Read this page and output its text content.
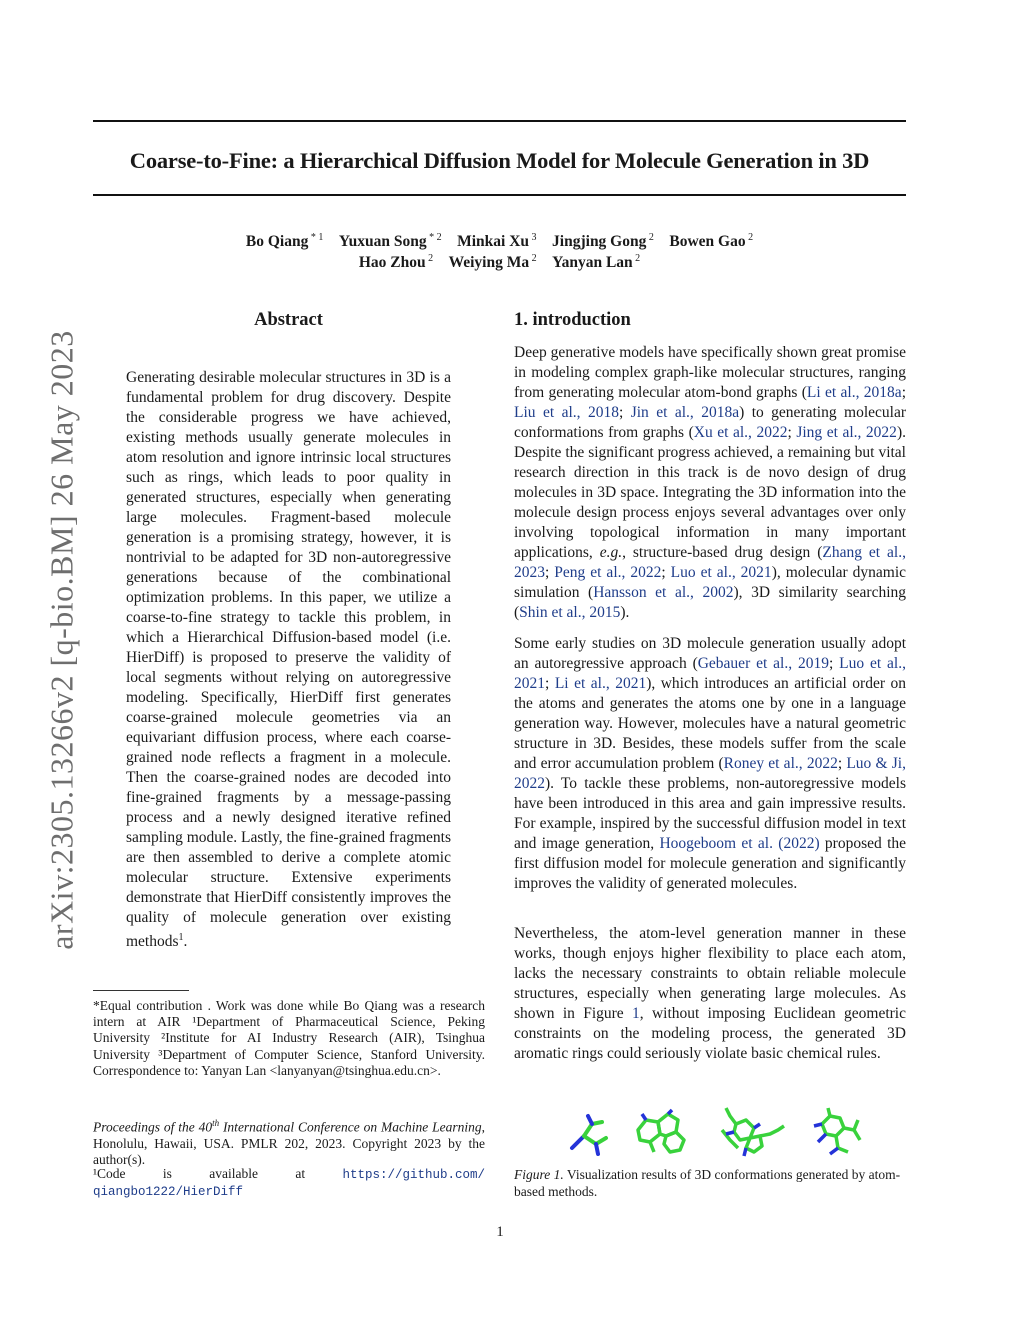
arXiv:2305.13266v2 [q-bio.BM] 26 May 2023
Coarse-to-Fine: a Hierarchical Diffusion Model for Molecule Generation in 3D
Bo Qiang $^{* 1}$  Yuxuan Song $^{* 2}$  Minkai Xu $^3$  Jingjing Gong $^2$  Bowen Gao $^2$
Hao Zhou $^2$  Weiying Ma $^2$  Yanyan Lan $^2$
Abstract
Generating desirable molecular structures in 3D is a fundamental problem for drug discovery. Despite the considerable progress we have achieved, existing methods usually generate molecules in atom resolution and ignore intrinsic local structures such as rings, which leads to poor quality in generated structures, especially when generating large molecules. Fragment-based molecule generation is a promising strategy, however, it is nontrivial to be adapted for 3D non-autoregressive generations because of the combinational optimization problems. In this paper, we utilize a coarse-to-fine strategy to tackle this problem, in which a Hierarchical Diffusion-based model (i.e. HierDiff) is proposed to preserve the validity of local segments without relying on autoregressive modeling. Specifically, HierDiff first generates coarse-grained molecule geometries via an equivariant diffusion process, where each coarse-grained node reflects a fragment in a molecule. Then the coarse-grained nodes are decoded into fine-grained fragments by a message-passing process and a newly designed iterative refined sampling module. Lastly, the fine-grained fragments are then assembled to derive a complete atomic molecular structure. Extensive experiments demonstrate that HierDiff consistently improves the quality of molecule generation over existing methods$^1$.
*Equal contribution . Work was done while Bo Qiang was a research intern at AIR ¹Department of Pharmaceutical Science, Peking University ²Institute for AI Industry Research (AIR), Tsinghua University ³Department of Computer Science, Stanford University. Correspondence to: Yanyan Lan <lanyanyan@tsinghua.edu.cn>.
Proceedings of the 40th International Conference on Machine Learning, Honolulu, Hawaii, USA. PMLR 202, 2023. Copyright 2023 by the author(s).
¹Code is available at https://github.com/ qiangbo1222/HierDiff
1. introduction
Deep generative models have specifically shown great promise in modeling complex graph-like molecular structures, ranging from generating molecular atom-bond graphs (Li et al., 2018a; Liu et al., 2018; Jin et al., 2018a) to generating molecular conformations from graphs (Xu et al., 2022; Jing et al., 2022). Despite the significant progress achieved, a remaining but vital research direction in this track is de novo design of drug molecules in 3D space. Integrating the 3D information into the molecule design process enjoys several advantages over only involving topological information in many important applications, e.g., structure-based drug design (Zhang et al., 2023; Peng et al., 2022; Luo et al., 2021), molecular dynamic simulation (Hansson et al., 2002), 3D similarity searching (Shin et al., 2015).
Some early studies on 3D molecule generation usually adopt an autoregressive approach (Gebauer et al., 2019; Luo et al., 2021; Li et al., 2021), which introduces an artificial order on the atoms and generates the atoms one by one in a language generation way. However, molecules have a natural geometric structure in 3D. Besides, these models suffer from the scale and error accumulation problem (Roney et al., 2022; Luo & Ji, 2022). To tackle these problems, non-autoregressive models have been introduced in this area and gain impressive results. For example, inspired by the successful diffusion model in text and image generation, Hoogeboom et al. (2022) proposed the first diffusion model for molecule generation and significantly improves the validity of generated molecules.
Nevertheless, the atom-level generation manner in these works, though enjoys higher flexibility to place each atom, lacks the necessary constraints to obtain reliable molecule structures, especially when generating large molecules. As shown in Figure 1, without imposing Euclidean geometric constraints on the modeling process, the generated 3D aromatic rings could seriously violate basic chemical rules.
Figure 1. Visualization results of 3D conformations generated by atom-based methods.
1
